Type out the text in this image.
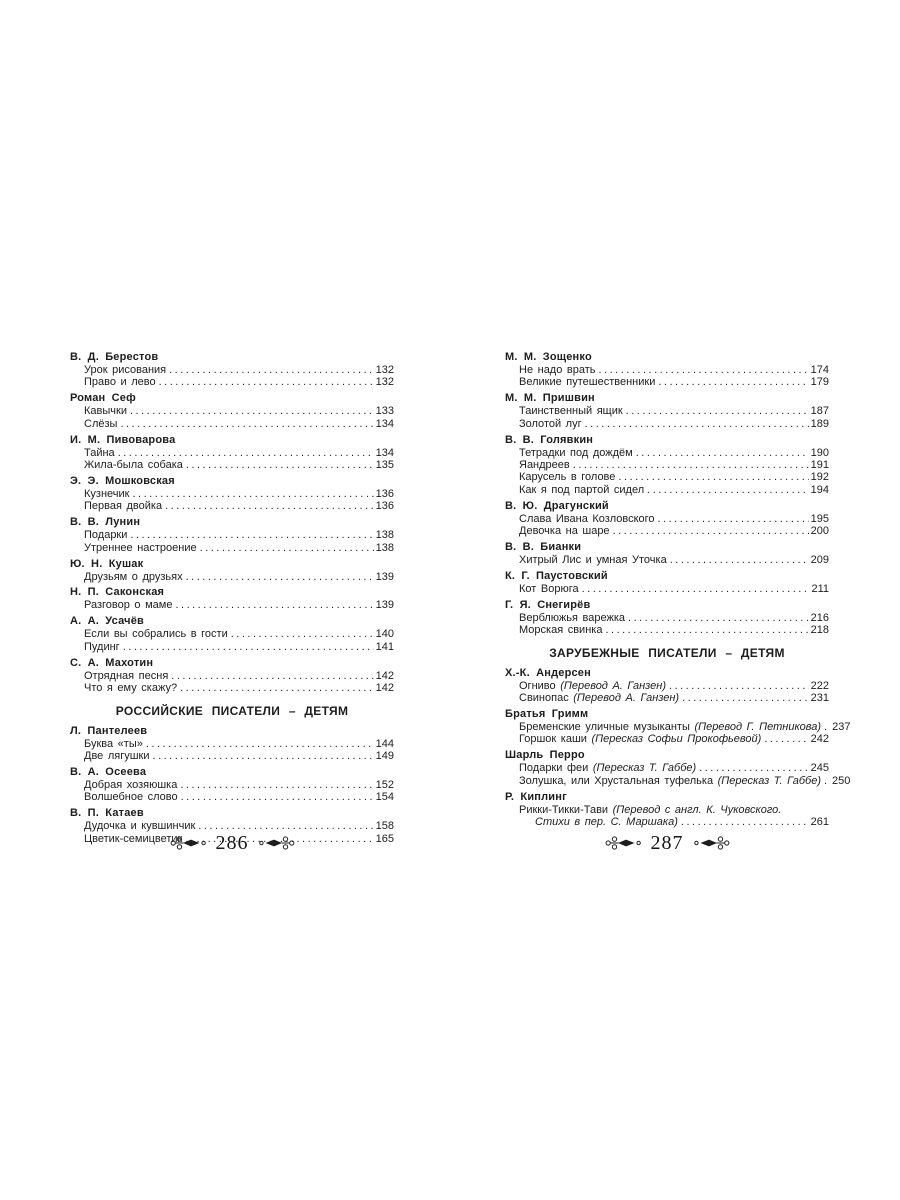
В. Д. Берестов
Урок рисования .....	132
Право и лево .....	132
Роман Сеф
Кавычки .....	133
Слёзы .....	134
И. М. Пивоварова
Тайна .....	134
Жила-была собака .....	135
Э. Э. Мошковская
Кузнечик .....	136
Первая двойка .....	136
В. В. Лунин
Подарки .....	138
Утреннее настроение .....	138
Ю. Н. Кушак
Друзьям о друзьях .....	139
Н. П. Саконская
Разговор о маме .....	139
А. А. Усачёв
Если вы собрались в гости .....	140
Пудинг .....	141
С. А. Махотин
Отрядная песня .....	142
Что я ему скажу? .....	142
РОССИЙСКИЕ ПИСАТЕЛИ – ДЕТЯМ
Л. Пантелеев
Буква «ты» .....	144
Две лягушки .....	149
В. А. Осеева
Добрая хозяюшка .....	152
Волшебное слово .....	154
В. П. Катаев
Дудочка и кувшинчик .....	158
Цветик-семицветик .....	165
М. М. Зощенко
Не надо врать .....	174
Великие путешественники .....	179
М. М. Пришвин
Таинственный ящик .....	187
Золотой луг .....	189
В. В. Голявкин
Тетрадки под дождём .....	190
Яандреев .....	191
Карусель в голове .....	192
Как я под партой сидел .....	194
В. Ю. Драгунский
Слава Ивана Козловского .....	195
Девочка на шаре .....	200
В. В. Бианки
Хитрый Лис и умная Уточка .....	209
К. Г. Паустовский
Кот Ворюга .....	211
Г. Я. Снегирёв
Верблюжья варежка .....	216
Морская свинка .....	218
ЗАРУБЕЖНЫЕ ПИСАТЕЛИ – ДЕТЯМ
Х.-К. Андерсен
Огниво (Перевод А. Ганзен) .....	222
Свинопас (Перевод А. Ганзен) .....	231
Братья Гримм
Бременские уличные музыканты (Перевод Г. Петникова) ..... 237
Горшок каши (Пересказ Софьи Прокофьевой) .....	242
Шарль Перро
Подарки феи (Пересказ Т. Габбе) .....	245
Золушка, или Хрустальная туфелька (Пересказ Т. Габбе) ..... 250
Р. Киплинг
Рикки-Тикки-Тави (Перевод с англ. К. Чуковского.
Стихи в пер. С. Маршака) .....	261
286	287
